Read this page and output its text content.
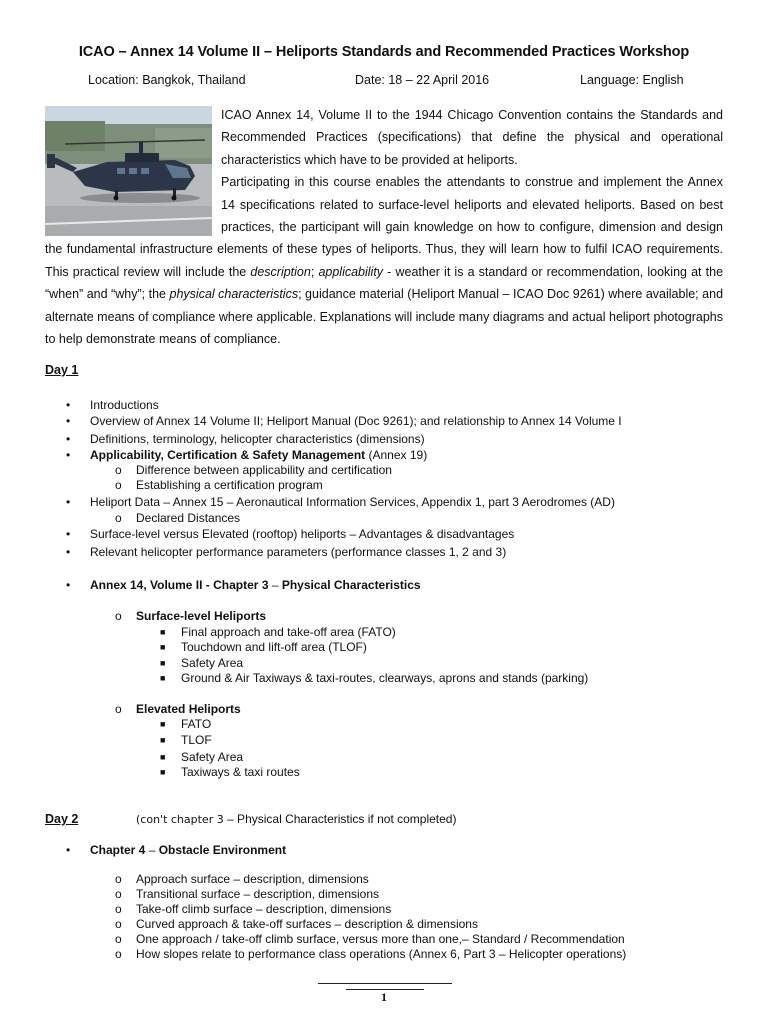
ICAO – Annex 14 Volume II – Heliports Standards and Recommended Practices Workshop
Location: Bangkok, Thailand	Date: 18 – 22 April 2016	Language: English

ICAO Annex 14, Volume II to the 1944 Chicago Convention contains the Standards and Recommended Practices (specifications) that define the physical and operational characteristics which have to be provided at heliports.

Participating in this course enables the attendants to construe and implement the Annex 14 specifications related to surface-level heliports and elevated heliports. Based on best practices, the participant will gain knowledge on how to configure, dimension and design the fundamental infrastructure elements of these types of heliports. Thus, they will learn how to fulfil ICAO requirements. This practical review will include the description; applicability - weather it is a standard or recommendation, looking at the “when” and “why”; the physical characteristics; guidance material (Heliport Manual – ICAO Doc 9261) where available; and alternate means of compliance where applicable. Explanations will include many diagrams and actual heliport photographs to help demonstrate means of compliance.

Day 1
• Introductions
• Overview of Annex 14 Volume II; Heliport Manual (Doc 9261); and relationship to Annex 14 Volume I
• Definitions, terminology, helicopter characteristics (dimensions)
• Applicability, Certification & Safety Management (Annex 19)
o Difference between applicability and certification
o Establishing a certification program
• Heliport Data – Annex 15 – Aeronautical Information Services, Appendix 1, part 3 Aerodromes (AD)
o Declared Distances
• Surface-level versus Elevated (rooftop) heliports – Advantages & disadvantages
• Relevant helicopter performance parameters (performance classes 1, 2 and 3)
• Annex 14, Volume II - Chapter 3 – Physical Characteristics
o Surface-level Heliports
■ Final approach and take-off area (FATO)
■ Touchdown and lift-off area (TLOF)
■ Safety Area
■ Ground & Air Taxiways & taxi-routes, clearways, aprons and stands (parking)
o Elevated Heliports
■ FATO
■ TLOF
■ Safety Area
■ Taxiways & taxi routes
Day 2	(con't chapter 3 – Physical Characteristics if not completed)
• Chapter 4 – Obstacle Environment
o Approach surface – description, dimensions
o Transitional surface – description, dimensions
o Take-off climb surface – description, dimensions
o Curved approach & take-off surfaces – description & dimensions
o One approach / take-off climb surface, versus more than one,– Standard / Recommendation
o How slopes relate to performance class operations (Annex 6, Part 3 – Helicopter operations)
1
